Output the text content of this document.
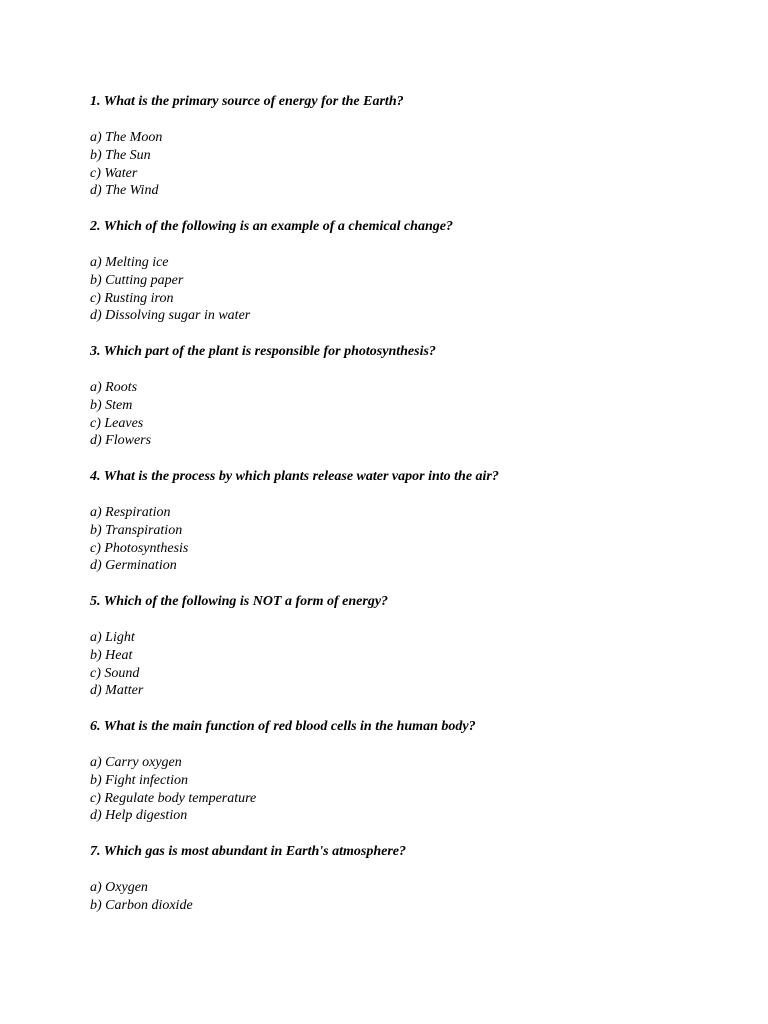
1. What is the primary source of energy for the Earth?

a) The Moon
b) The Sun
c) Water
d) The Wind

2. Which of the following is an example of a chemical change?

a) Melting ice
b) Cutting paper
c) Rusting iron
d) Dissolving sugar in water

3. Which part of the plant is responsible for photosynthesis?

a) Roots
b) Stem
c) Leaves
d) Flowers

4. What is the process by which plants release water vapor into the air?

a) Respiration
b) Transpiration
c) Photosynthesis
d) Germination

5. Which of the following is NOT a form of energy?

a) Light
b) Heat
c) Sound
d) Matter

6. What is the main function of red blood cells in the human body?

a) Carry oxygen
b) Fight infection
c) Regulate body temperature
d) Help digestion

7. Which gas is most abundant in Earth's atmosphere?

a) Oxygen
b) Carbon dioxide
